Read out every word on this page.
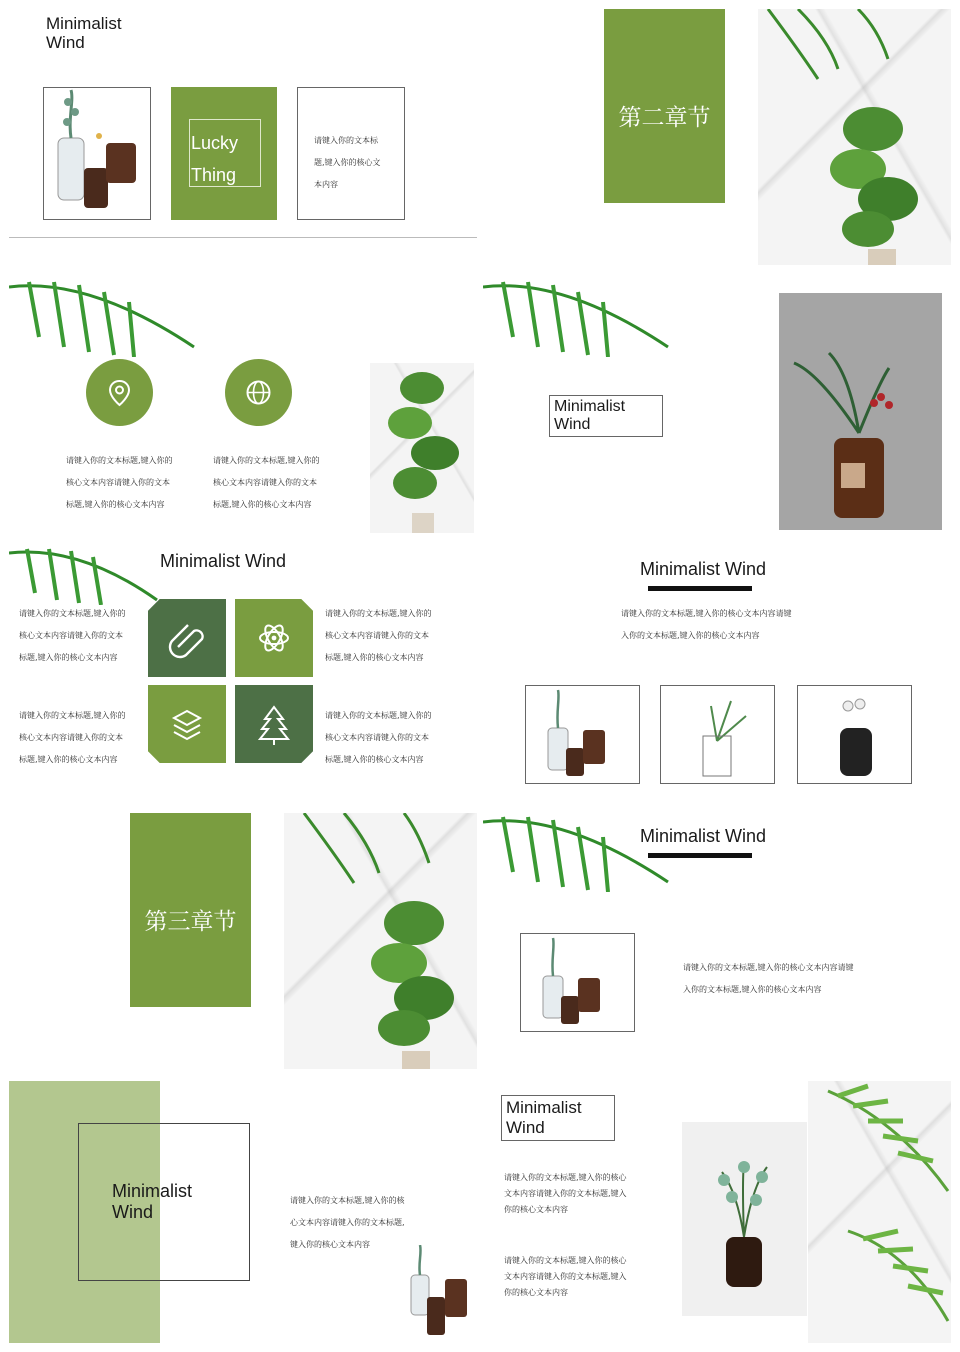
Minimalist
Wind
Lucky
Thing
请键入你的文本标
题,键入你的核心文
本内容
第二章节
请键入你的文本标题,键入你的
核心文本内容请键入你的文本
标题,键入你的核心文本内容
请键入你的文本标题,键入你的
核心文本内容请键入你的文本
标题,键入你的核心文本内容
Minimalist
Wind
Minimalist Wind
请键入你的文本标题,键入你的
核心文本内容请键入你的文本
标题,键入你的核心文本内容
请键入你的文本标题,键入你的
核心文本内容请键入你的文本
标题,键入你的核心文本内容
请键入你的文本标题,键入你的
核心文本内容请键入你的文本
标题,键入你的核心文本内容
请键入你的文本标题,键入你的
核心文本内容请键入你的文本
标题,键入你的核心文本内容
Minimalist Wind
请键入你的文本标题,键入你的核心文本内容请键
入你的文本标题,键入你的核心文本内容
第三章节
Minimalist Wind
请键入你的文本标题,键入你的核心文本内容请键
入你的文本标题,键入你的核心文本内容
Minimalist
Wind
请键入你的文本标题,键入你的核
心文本内容请键入你的文本标题,
键入你的核心文本内容
Minimalist
Wind
请键入你的文本标题,键入你的核心
文本内容请键入你的文本标题,键入
你的核心文本内容
请键入你的文本标题,键入你的核心
文本内容请键入你的文本标题,键入
你的核心文本内容
